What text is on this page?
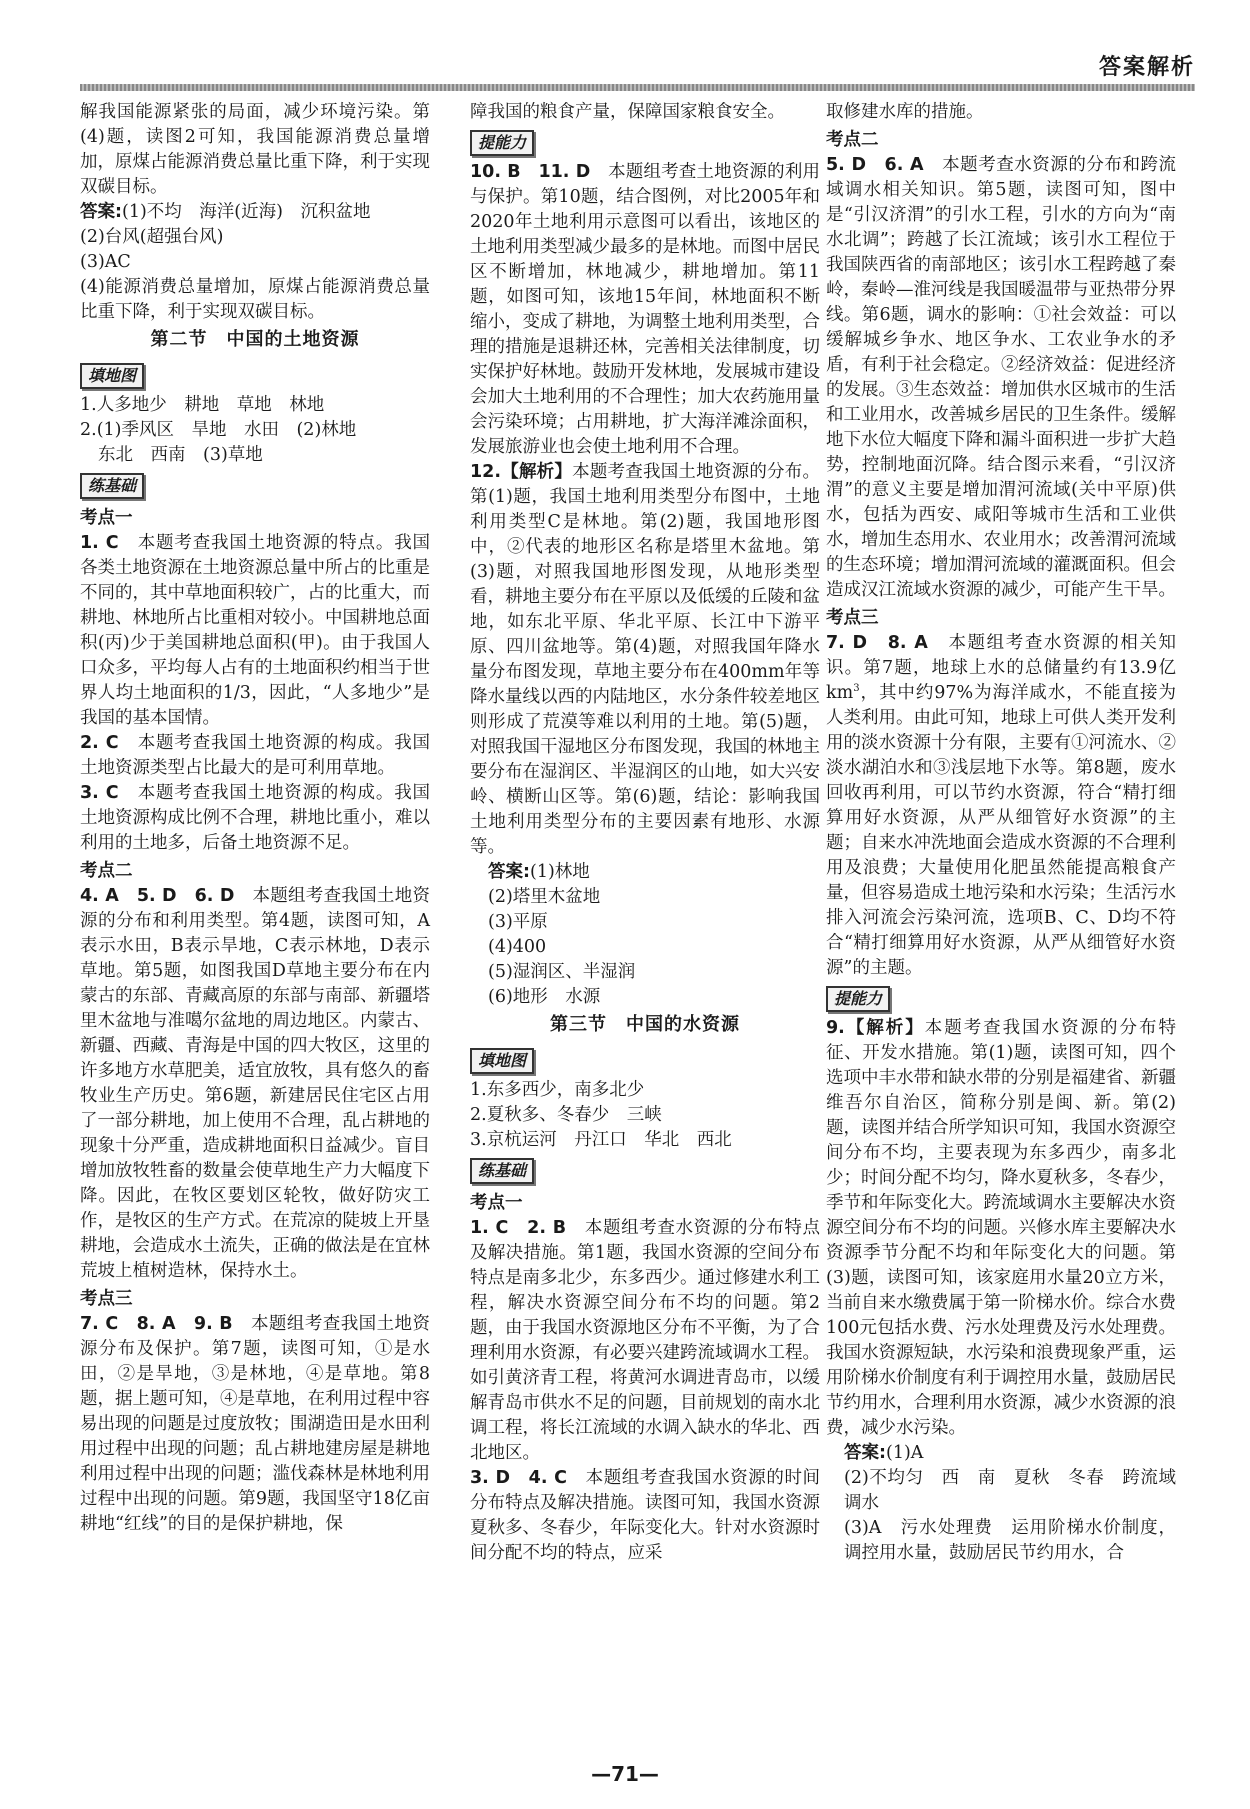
答案解析

解我国能源紧张的局面，减少环境污染。第(4)题，读图2可知，我国能源消费总量增加，原煤占能源消费总量比重下降，利于实现双碳目标。

答案:(1)不均　海洋(近海)　沉积盆地

(2)台风(超强台风)

(3)AC

(4)能源消费总量增加，原煤占能源消费总量比重下降，利于实现双碳目标。

第二节　中国的土地资源
填地图

1.人多地少　耕地　草地　林地

2.(1)季风区　旱地　水田　(2)林地

东北　西南　(3)草地

练基础
考点一

1. C　 本题考查我国土地资源的特点。我国各类土地资源在土地资源总量中所占的比重是不同的，其中草地面积较广，占的比重大，而耕地、林地所占比重相对较小。中国耕地总面积(丙)少于美国耕地总面积(甲)。由于我国人口众多，平均每人占有的土地面积约相当于世界人均土地面积的1/3，因此，“人多地少”是我国的基本国情。

2. C　 本题考查我国土地资源的构成。我国土地资源类型占比最大的是可利用草地。

3. C　 本题考查我国土地资源的构成。我国土地资源构成比例不合理，耕地比重小，难以利用的土地多，后备土地资源不足。

考点二

4. A　5. D　6. D　 本题组考查我国土地资源的分布和利用类型。第4题，读图可知，A表示水田，B表示旱地，C表示林地，D表示草地。第5题，如图我国D草地主要分布在内蒙古的东部、青藏高原的东部与南部、新疆塔里木盆地与准噶尔盆地的周边地区。内蒙古、新疆、西藏、青海是中国的四大牧区，这里的许多地方水草肥美，适宜放牧，具有悠久的畜牧业生产历史。第6题，新建居民住宅区占用了一部分耕地，加上使用不合理，乱占耕地的现象十分严重，造成耕地面积日益减少。盲目增加放牧牲畜的数量会使草地生产力大幅度下降。因此，在牧区要划区轮牧，做好防灾工作，是牧区的生产方式。在荒凉的陡坡上开垦耕地，会造成水土流失，正确的做法是在宜林荒坡上植树造林，保持水土。

考点三

7. C　8. A　9. B　 本题组考查我国土地资源分布及保护。第7题，读图可知，①是水田，②是旱地，③是林地，④是草地。第8题，据上题可知，④是草地，在利用过程中容易出现的问题是过度放牧；围湖造田是水田利用过程中出现的问题；乱占耕地建房屋是耕地利用过程中出现的问题；滥伐森林是林地利用过程中出现的问题。第9题，我国坚守18亿亩耕地“红线”的目的是保护耕地，保

障我国的粮食产量，保障国家粮食安全。

提能力

10. B　11. D　 本题组考查土地资源的利用与保护。第10题，结合图例，对比2005年和2020年土地利用示意图可以看出，该地区的土地利用类型减少最多的是林地。而图中居民区不断增加，林地减少，耕地增加。第11题，如图可知，该地15年间，林地面积不断缩小，变成了耕地，为调整土地利用类型，合理的措施是退耕还林，完善相关法律制度，切实保护好林地。鼓励开发林地，发展城市建设会加大土地利用的不合理性；加大农药施用量会污染环境；占用耕地，扩大海洋滩涂面积，发展旅游业也会使土地利用不合理。

12.【解析】本题考查我国土地资源的分布。第(1)题，我国土地利用类型分布图中，土地利用类型C是林地。第(2)题，我国地形图中，②代表的地形区名称是塔里木盆地。第(3)题，对照我国地形图发现，从地形类型看，耕地主要分布在平原以及低缓的丘陵和盆地，如东北平原、华北平原、长江中下游平原、四川盆地等。第(4)题，对照我国年降水量分布图发现，草地主要分布在400mm年等降水量线以西的内陆地区，水分条件较差地区则形成了荒漠等难以利用的土地。第(5)题，对照我国干湿地区分布图发现，我国的林地主要分布在湿润区、半湿润区的山地，如大兴安岭、横断山区等。第(6)题，结论：影响我国土地利用类型分布的主要因素有地形、水源等。

答案:(1)林地

(2)塔里木盆地

(3)平原

(4)400

(5)湿润区、半湿润

(6)地形　水源

第三节　中国的水资源
填地图

1.东多西少，南多北少

2.夏秋多、冬春少　三峡

3.京杭运河　丹江口　华北　西北

练基础
考点一

1. C　2. B　 本题组考查水资源的分布特点及解决措施。第1题，我国水资源的空间分布特点是南多北少，东多西少。通过修建水利工程，解决水资源空间分布不均的问题。第2题，由于我国水资源地区分布不平衡，为了合理利用水资源，有必要兴建跨流域调水工程。如引黄济青工程，将黄河水调进青岛市，以缓解青岛市供水不足的问题，目前规划的南水北调工程，将长江流域的水调入缺水的华北、西北地区。

3. D　4. C　 本题组考查我国水资源的时间分布特点及解决措施。读图可知，我国水资源夏秋多、冬春少，年际变化大。针对水资源时间分配不均的特点，应采

取修建水库的措施。

考点二

5. D　6. A　 本题考查水资源的分布和跨流域调水相关知识。第5题，读图可知，图中是“引汉济渭”的引水工程，引水的方向为“南水北调”；跨越了长江流域；该引水工程位于我国陕西省的南部地区；该引水工程跨越了秦岭，秦岭—淮河线是我国暖温带与亚热带分界线。第6题，调水的影响：①社会效益：可以缓解城乡争水、地区争水、工农业争水的矛盾，有利于社会稳定。②经济效益：促进经济的发展。③生态效益：增加供水区城市的生活和工业用水，改善城乡居民的卫生条件。缓解地下水位大幅度下降和漏斗面积进一步扩大趋势，控制地面沉降。结合图示来看，“引汉济渭”的意义主要是增加渭河流域(关中平原)供水，包括为西安、咸阳等城市生活和工业供水，增加生态用水、农业用水；改善渭河流域的生态环境；增加渭河流域的灌溉面积。但会造成汉江流域水资源的减少，可能产生干旱。

考点三

7. D　8. A　 本题组考查水资源的相关知识。第7题，地球上水的总储量约有13.9亿$km^3$，其中约97%为海洋咸水，不能直接为人类利用。由此可知，地球上可供人类开发利用的淡水资源十分有限，主要有①河流水、②淡水湖泊水和③浅层地下水等。第8题，废水回收再利用，可以节约水资源，符合“精打细算用好水资源，从严从细管好水资源”的主题；自来水冲洗地面会造成水资源的不合理利用及浪费；大量使用化肥虽然能提高粮食产量，但容易造成土地污染和水污染；生活污水排入河流会污染河流，选项B、C、D均不符合“精打细算用好水资源，从严从细管好水资源”的主题。

提能力

9.【解析】本题考查我国水资源的分布特征、开发水措施。第(1)题，读图可知，四个选项中丰水带和缺水带的分别是福建省、新疆维吾尔自治区，简称分别是闽、新。第(2)题，读图并结合所学知识可知，我国水资源空间分布不均，主要表现为东多西少，南多北少；时间分配不均匀，降水夏秋多，冬春少，季节和年际变化大。跨流域调水主要解决水资源空间分布不均的问题。兴修水库主要解决水资源季节分配不均和年际变化大的问题。第(3)题，读图可知，该家庭用水量20立方米，当前自来水缴费属于第一阶梯水价。综合水费100元包括水费、污水处理费及污水处理费。我国水资源短缺，水污染和浪费现象严重，运用阶梯水价制度有利于调控用水量，鼓励居民节约用水，合理利用水资源，减少水资源的浪费，减少水污染。

答案:(1)A

(2)不均匀　西　南　夏秋　冬春　跨流域调水

(3)A　污水处理费　运用阶梯水价制度，调控用水量，鼓励居民节约用水，合

—71—
